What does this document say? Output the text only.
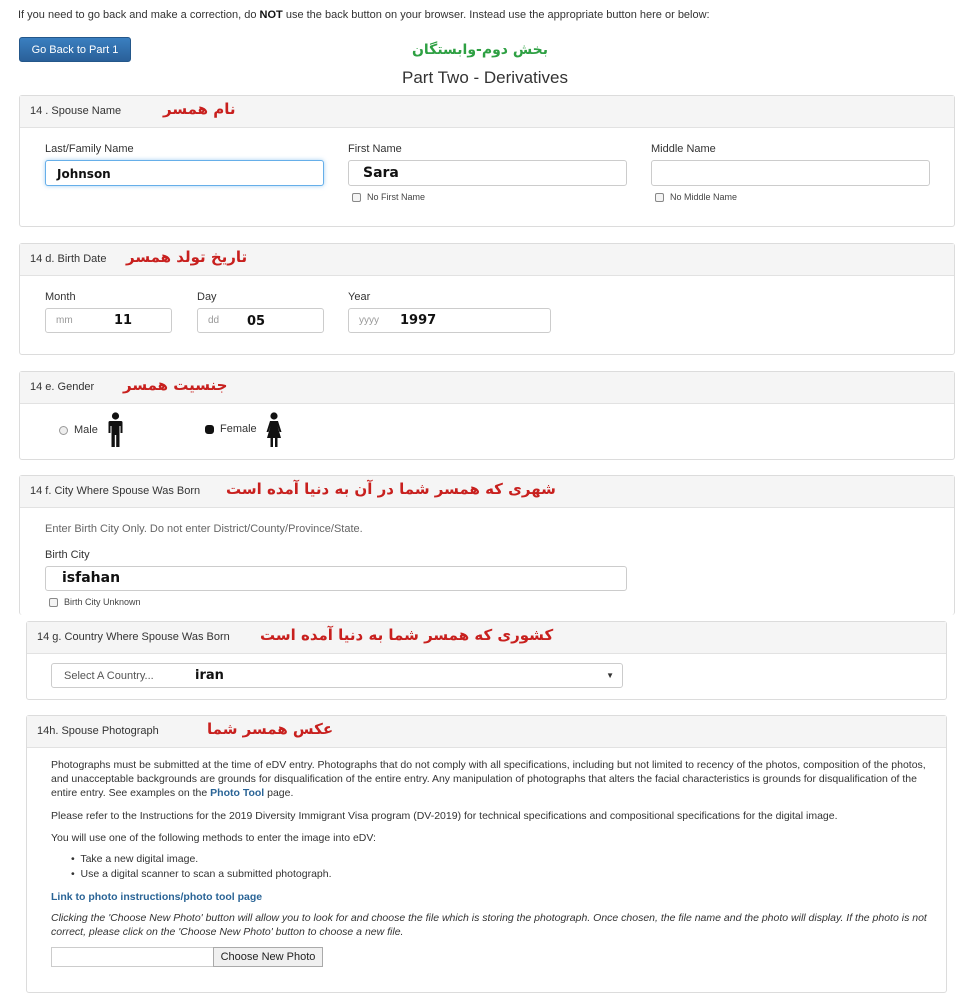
If you need to go back and make a correction, do NOT use the back button on your browser. Instead use the appropriate button here or below:
Go Back to Part 1	بخش دوم-وابستگان
Part Two - Derivatives
14 . Spouse Name	نام همسر
Last/Family Name
Johnson
First Name
Sara
No First Name
Middle Name
No Middle Name
14 d. Birth Date تاریخ تولد همسر
Month
mm	11
Day
dd 05
Year
yyyy 1997
14 e. Gender جنسیت همسر
Male	Female
14 f. City Where Spouse Was Born شهری که همسر شما در آن به دنیا آمده است
Enter Birth City Only. Do not enter District/County/Province/State.
Birth City
isfahan
Birth City Unknown
14 g. Country Where Spouse Was Born کشوری که همسر شما به دنیا آمده است
Select A Country...	iran	▼
14h. Spouse Photograph	عکس همسر شما
Photographs must be submitted at the time of eDV entry. Photographs that do not comply with all specifications, including but not limited to recency of the photos, composition of the photos, and unacceptable backgrounds are grounds for disqualification of the entire entry. Any manipulation of photographs that alters the facial characteristics is grounds for disqualification of the entire entry. See examples on the Photo Tool page.
Please refer to the Instructions for the 2019 Diversity Immigrant Visa program (DV-2019) for technical specifications and compositional specifications for the digital image.
You will use one of the following methods to enter the image into eDV:
•  Take a new digital image.
•  Use a digital scanner to scan a submitted photograph.
Link to photo instructions/photo tool page
Clicking the 'Choose New Photo' button will allow you to look for and choose the file which is storing the photograph. Once chosen, the file name and the photo will display. If the photo is not correct, please click on the 'Choose New Photo' button to choose a new file.
Choose New Photo
